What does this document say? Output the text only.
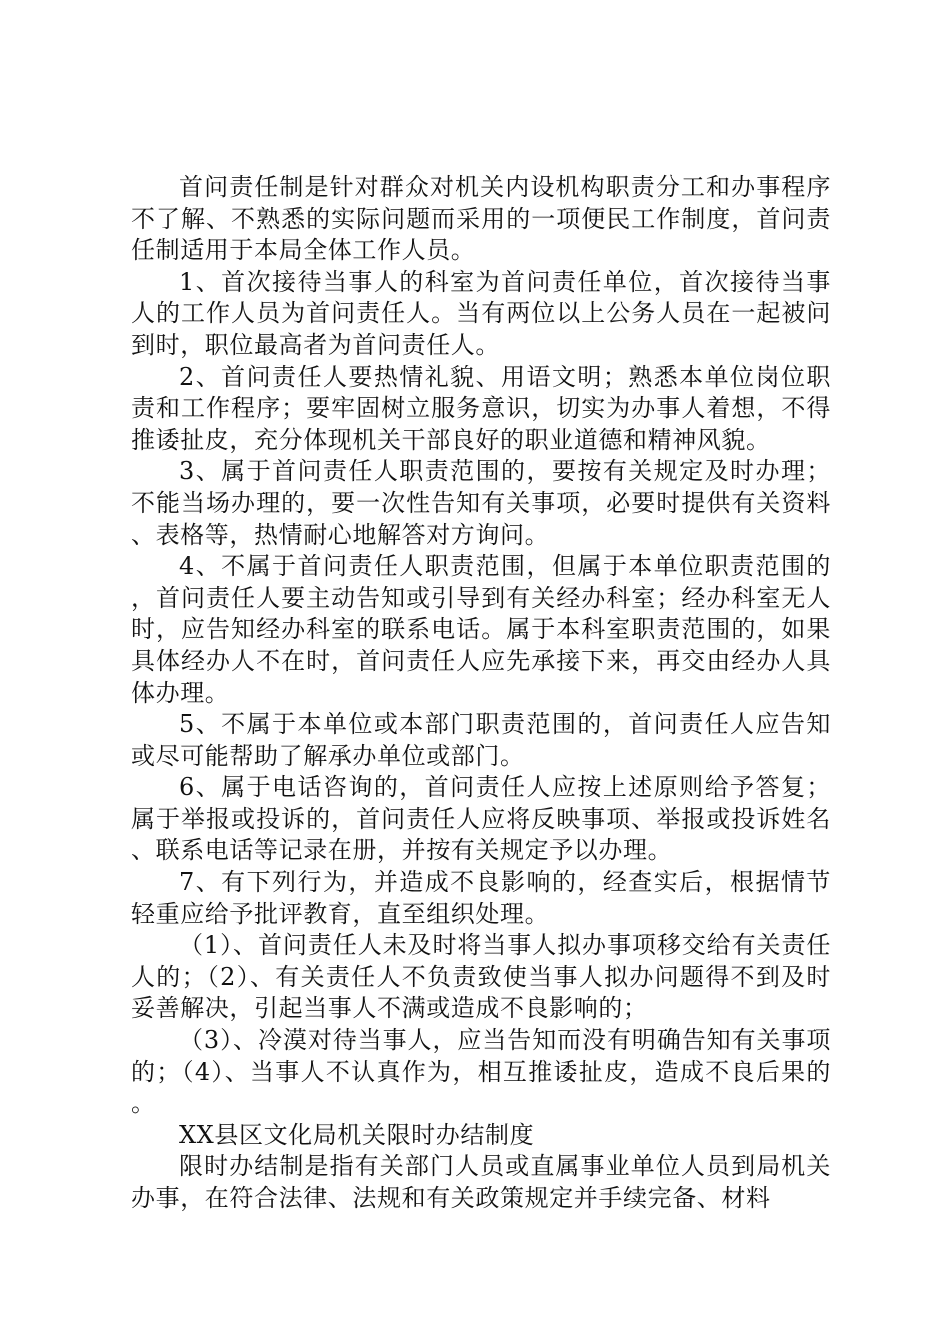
首问责任制是针对群众对机关内设机构职责分工和办事程序不了解、不熟悉的实际问题而采用的一项便民工作制度，首问责任制适用于本局全体工作人员。

1、首次接待当事人的科室为首问责任单位，首次接待当事人的工作人员为首问责任人。当有两位以上公务人员在一起被问到时，职位最高者为首问责任人。

2、首问责任人要热情礼貌、用语文明；熟悉本单位岗位职责和工作程序；要牢固树立服务意识，切实为办事人着想，不得推诿扯皮，充分体现机关干部良好的职业道德和精神风貌。

3、属于首问责任人职责范围的，要按有关规定及时办理；不能当场办理的，要一次性告知有关事项，必要时提供有关资料、表格等，热情耐心地解答对方询问。

4、不属于首问责任人职责范围，但属于本单位职责范围的，首问责任人要主动告知或引导到有关经办科室；经办科室无人时，应告知经办科室的联系电话。属于本科室职责范围的，如果具体经办人不在时，首问责任人应先承接下来，再交由经办人具体办理。

5、不属于本单位或本部门职责范围的，首问责任人应告知或尽可能帮助了解承办单位或部门。

6、属于电话咨询的，首问责任人应按上述原则给予答复；属于举报或投诉的，首问责任人应将反映事项、举报或投诉姓名、联系电话等记录在册，并按有关规定予以办理。

7、有下列行为，并造成不良影响的，经查实后，根据情节轻重应给予批评教育，直至组织处理。

（1）、首问责任人未及时将当事人拟办事项移交给有关责任人的；（2）、有关责任人不负责致使当事人拟办问题得不到及时妥善解决，引起当事人不满或造成不良影响的；

（3）、冷漠对待当事人，应当告知而没有明确告知有关事项的；（4）、当事人不认真作为，相互推诿扯皮，造成不良后果的。

XX县区文化局机关限时办结制度

限时办结制是指有关部门人员或直属事业单位人员到局机关办事，在符合法律、法规和有关政策规定并手续完备、材料
